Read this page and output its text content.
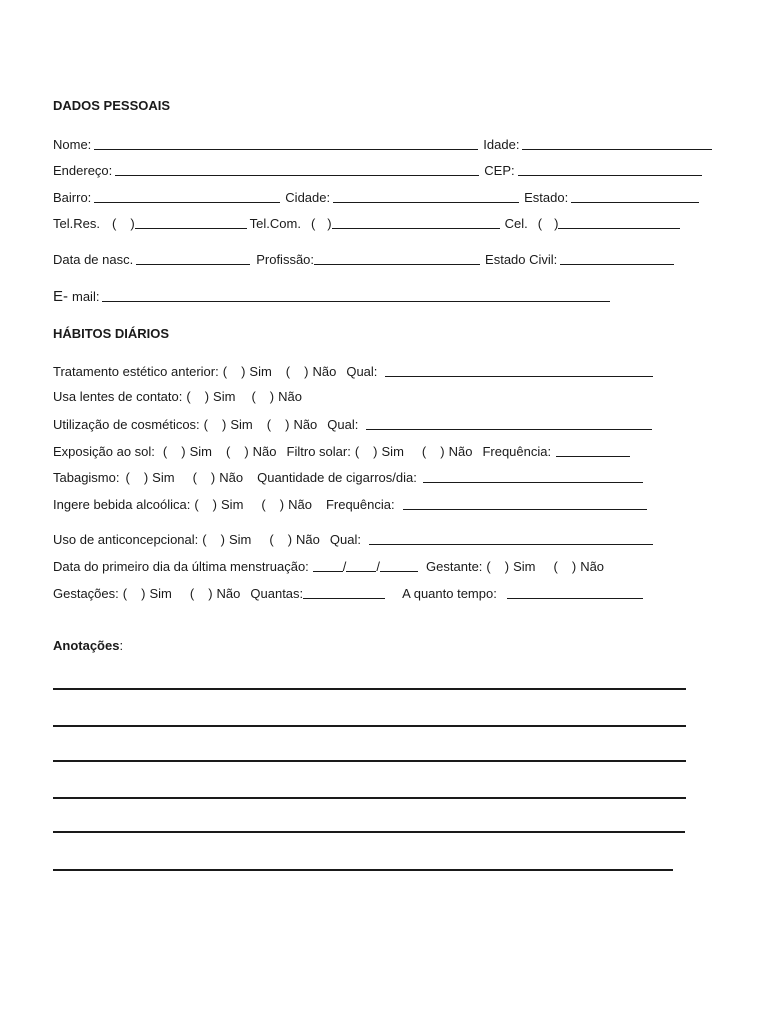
DADOS PESSOAIS
Nome:	Idade:
Endereço:	CEP:
Bairro:	Cidade:	Estado:
Tel.Res. ( )	Tel.Com. ( )	Cel. ( )
Data de nasc.	Profissão:	Estado Civil:
E- mail:
HÁBITOS DIÁRIOS
Tratamento estético anterior: ( ) Sim ( ) Não Qual:
Usa lentes de contato: ( ) Sim ( ) Não
Utilização de cosméticos: ( ) Sim ( ) Não Qual:
Exposição ao sol: ( ) Sim ( ) Não Filtro solar: ( ) Sim ( ) Não Frequência:
Tabagismo: ( ) Sim ( ) Não Quantidade de cigarros/dia:
Ingere bebida alcoólica: ( ) Sim ( ) Não Frequência:
Uso de anticoncepcional: ( ) Sim ( ) Não Qual:
Data do primeiro dia da última menstruação:	/ /	Gestante: ( ) Sim ( ) Não
Gestações: ( ) Sim ( ) Não Quantas:	A quanto tempo:
Anotações :
